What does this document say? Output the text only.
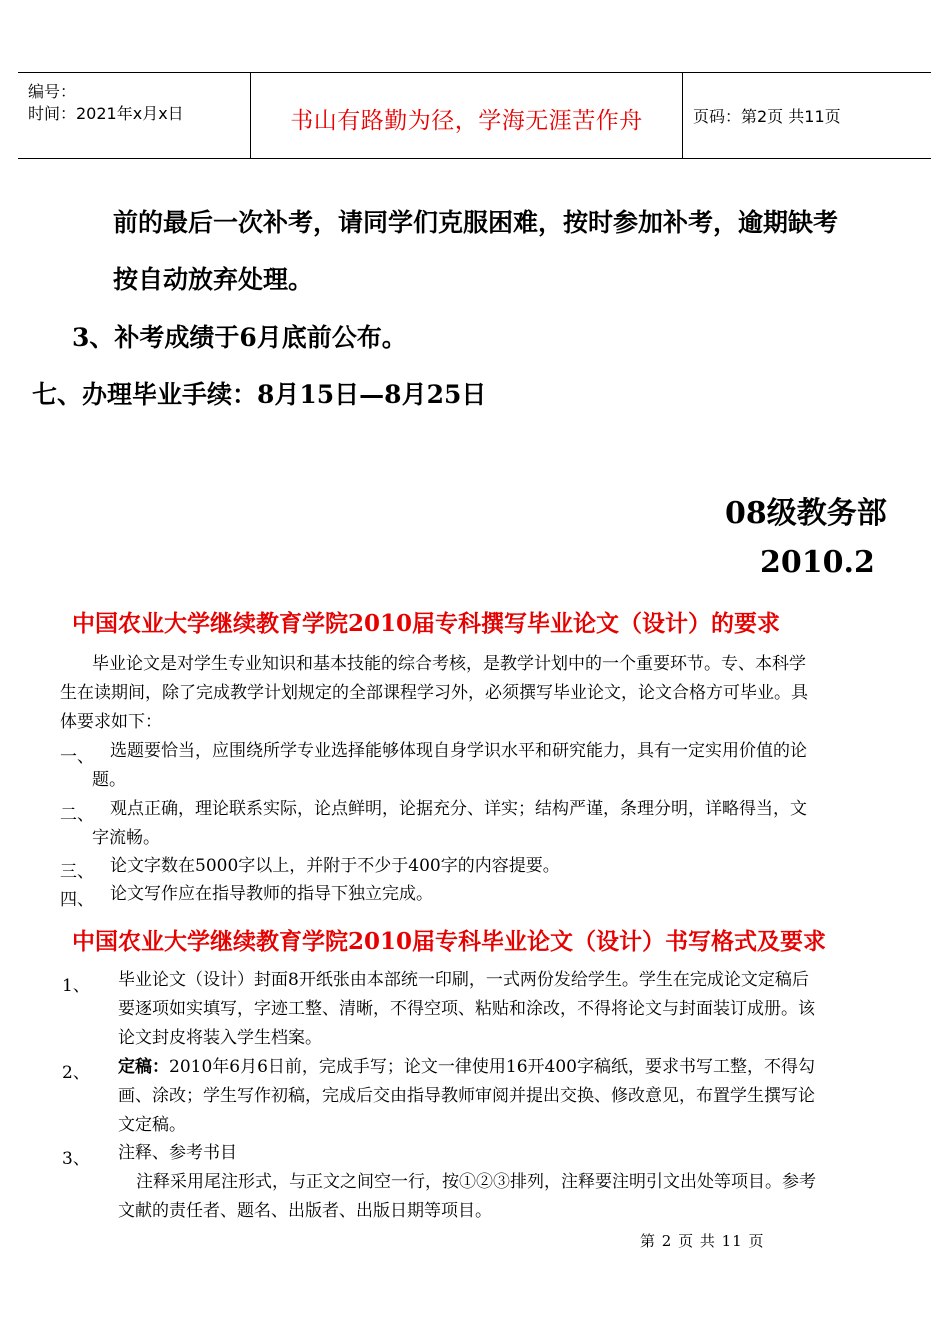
编号：
时间：2021年x月x日	书山有路勤为径，学海无涯苦作舟	页码：第2页 共11页
前的最后一次补考，请同学们克服困难，按时参加补考，逾期缺考
按自动放弃处理。
3、补考成绩于6月底前公布。
七、办理毕业手续：8月15日—8月25日
08级教务部
2010.2
中国农业大学继续教育学院2010届专科撰写毕业论文（设计）的要求
毕业论文是对学生专业知识和基本技能的综合考核，是教学计划中的一个重要环节。专、本科学
生在读期间，除了完成教学计划规定的全部课程学习外，必须撰写毕业论文，论文合格方可毕业。具
体要求如下：
一、 选题要恰当，应围绕所学专业选择能够体现自身学识水平和研究能力，具有一定实用价值的论
题。
二、 观点正确，理论联系实际，论点鲜明，论据充分、详实；结构严谨，条理分明，详略得当，文
字流畅。
三、 论文字数在5000字以上，并附于不少于400字的内容提要。
四、 论文写作应在指导教师的指导下独立完成。
中国农业大学继续教育学院2010届专科毕业论文（设计）书写格式及要求
1、 毕业论文（设计）封面8开纸张由本部统一印刷，一式两份发给学生。学生在完成论文定稿后
要逐项如实填写，字迹工整、清晰，不得空项、粘贴和涂改，不得将论文与封面装订成册。该
论文封皮将装入学生档案。
2、 定稿：2010年6月6日前，完成手写；论文一律使用16开400字稿纸，要求书写工整，不得勾
画、涂改；学生写作初稿，完成后交由指导教师审阅并提出交换、修改意见，布置学生撰写论
文定稿。
3、 注释、参考书目
注释采用尾注形式，与正文之间空一行，按①②③排列，注释要注明引文出处等项目。参考
文献的责任者、题名、出版者、出版日期等项目。
第 2 页 共 11 页
